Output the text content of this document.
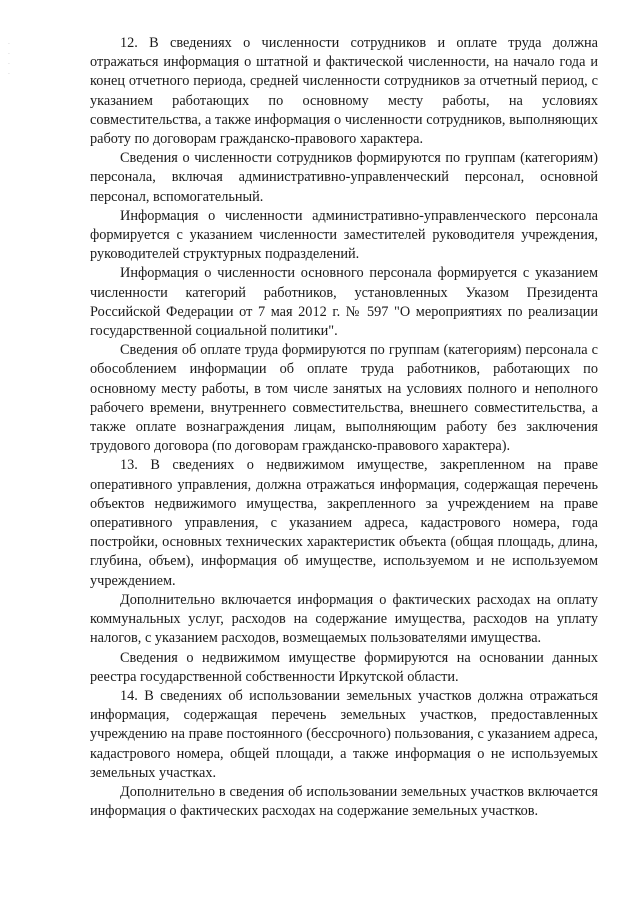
· · · ·

12. В сведениях о численности сотрудников и оплате труда должна отражаться информация о штатной и фактической численности, на начало года и конец отчетного периода, средней численности сотрудников за отчетный период, с указанием работающих по основному месту работы, на условиях совместительства, а также информация о численности сотрудников, выполняющих работу по договорам гражданско-правового характера.

Сведения о численности сотрудников формируются по группам (категориям) персонала, включая административно-управленческий персонал, основной персонал, вспомогательный.

Информация о численности административно-управленческого персонала формируется с указанием численности заместителей руководителя учреждения, руководителей структурных подразделений.

Информация о численности основного персонала формируется с указанием численности категорий работников, установленных Указом Президента Российской Федерации от 7 мая 2012 г. № 597 "О мероприятиях по реализации государственной социальной политики".

Сведения об оплате труда формируются по группам (категориям) персонала с обособлением информации об оплате труда работников, работающих по основному месту работы, в том числе занятых на условиях полного и неполного рабочего времени, внутреннего совместительства, внешнего совместительства, а также оплате вознаграждения лицам, выполняющим работу без заключения трудового договора (по договорам гражданско-правового характера).

13. В сведениях о недвижимом имуществе, закрепленном на праве оперативного управления, должна отражаться информация, содержащая перечень объектов недвижимого имущества, закрепленного за учреждением на праве оперативного управления, с указанием адреса, кадастрового номера, года постройки, основных технических характеристик объекта (общая площадь, длина, глубина, объем), информация об имуществе, используемом и не используемом учреждением.

Дополнительно включается информация о фактических расходах на оплату коммунальных услуг, расходов на содержание имущества, расходов на уплату налогов, с указанием расходов, возмещаемых пользователями имущества.

Сведения о недвижимом имуществе формируются на основании данных реестра государственной собственности Иркутской области.

14. В сведениях об использовании земельных участков должна отражаться информация, содержащая перечень земельных участков, предоставленных учреждению на праве постоянного (бессрочного) пользования, с указанием адреса, кадастрового номера, общей площади, а также информация о не используемых земельных участках.

Дополнительно в сведения об использовании земельных участков включается информация о фактических расходах на содержание земельных участков.
